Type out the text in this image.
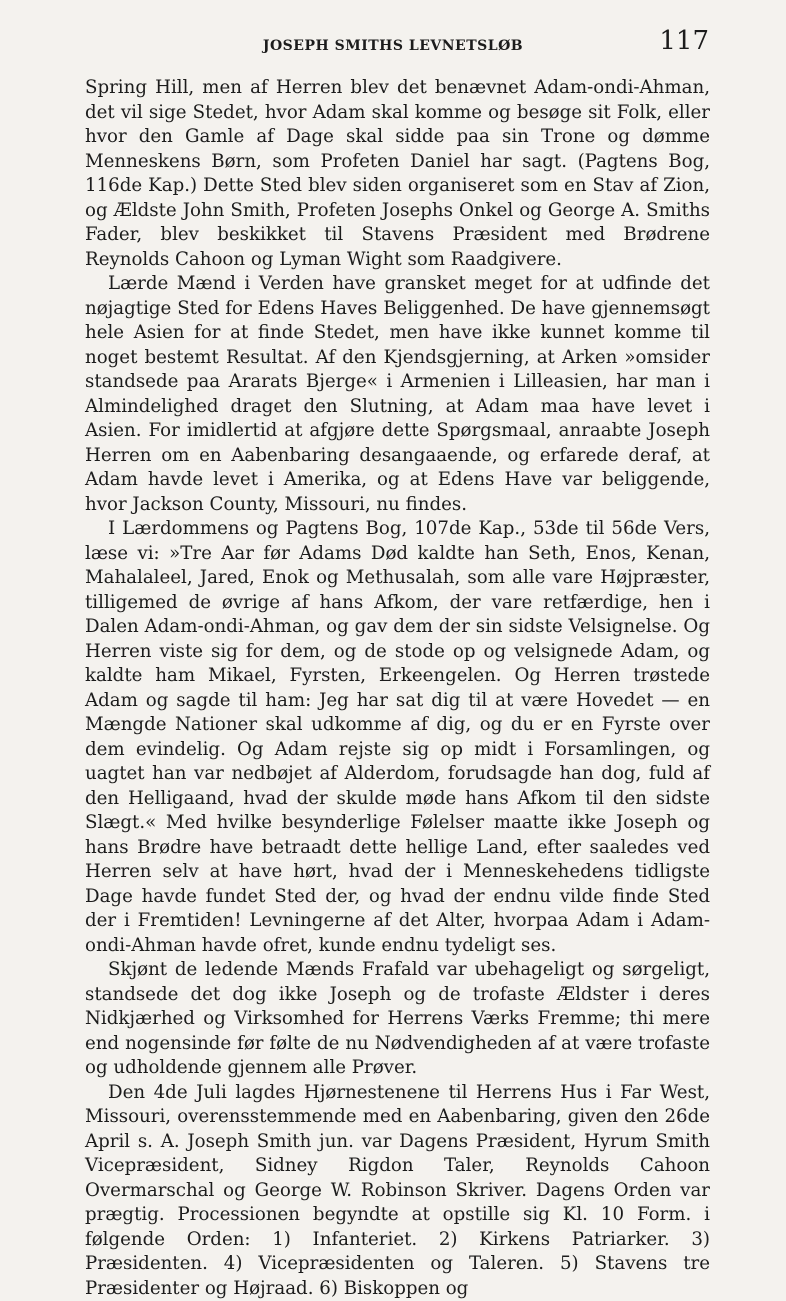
JOSEPH SMITHS LEVNETSLØB	117

Spring Hill, men af Herren blev det benævnet Adam-ondi-Ahman, det vil sige Stedet, hvor Adam skal komme og besøge sit Folk, eller hvor den Gamle af Dage skal sidde paa sin Trone og dømme Menneskens Børn, som Profeten Daniel har sagt. (Pagtens Bog, 116de Kap.) Dette Sted blev siden organiseret som en Stav af Zion, og Ældste John Smith, Profeten Josephs Onkel og George A. Smiths Fader, blev beskikket til Stavens Præsident med Brødrene Reynolds Cahoon og Lyman Wight som Raadgivere.

Lærde Mænd i Verden have gransket meget for at udfinde det nøjagtige Sted for Edens Haves Beliggenhed. De have gjennemsøgt hele Asien for at finde Stedet, men have ikke kunnet komme til noget bestemt Resultat. Af den Kjendsgjerning, at Arken »omsider standsede paa Ararats Bjerge« i Armenien i Lilleasien, har man i Almindelighed draget den Slutning, at Adam maa have levet i Asien. For imidlertid at afgjøre dette Spørgsmaal, anraabte Joseph Herren om en Aabenbaring desangaaende, og erfarede deraf, at Adam havde levet i Amerika, og at Edens Have var beliggende, hvor Jackson County, Missouri, nu findes.

I Lærdommens og Pagtens Bog, 107de Kap., 53de til 56de Vers, læse vi: »Tre Aar før Adams Død kaldte han Seth, Enos, Kenan, Mahalaleel, Jared, Enok og Methusalah, som alle vare Højpræster, tilligemed de øvrige af hans Afkom, der vare retfærdige, hen i Dalen Adam-ondi-Ahman, og gav dem der sin sidste Velsignelse. Og Herren viste sig for dem, og de stode op og velsignede Adam, og kaldte ham Mikael, Fyrsten, Erkeengelen. Og Herren trøstede Adam og sagde til ham: Jeg har sat dig til at være Hovedet — en Mængde Nationer skal udkomme af dig, og du er en Fyrste over dem evindelig. Og Adam rejste sig op midt i Forsamlingen, og uagtet han var nedbøjet af Alderdom, forudsagde han dog, fuld af den Helligaand, hvad der skulde møde hans Afkom til den sidste Slægt.« Med hvilke besynderlige Følelser maatte ikke Joseph og hans Brødre have betraadt dette hellige Land, efter saaledes ved Herren selv at have hørt, hvad der i Menneskehedens tidligste Dage havde fundet Sted der, og hvad der endnu vilde finde Sted der i Fremtiden! Levningerne af det Alter, hvorpaa Adam i Adam-ondi-Ahman havde ofret, kunde endnu tydeligt ses.

Skjønt de ledende Mænds Frafald var ubehageligt og sørgeligt, standsede det dog ikke Joseph og de trofaste Ældster i deres Nidkjærhed og Virksomhed for Herrens Værks Fremme; thi mere end nogensinde før følte de nu Nødvendigheden af at være trofaste og udholdende gjennem alle Prøver.

Den 4de Juli lagdes Hjørnestenene til Herrens Hus i Far West, Missouri, overensstemmende med en Aabenbaring, given den 26de April s. A. Joseph Smith jun. var Dagens Præsident, Hyrum Smith Vicepræsident, Sidney Rigdon Taler, Reynolds Cahoon Overmarschal og George W. Robinson Skriver. Dagens Orden var prægtig. Processionen begyndte at opstille sig Kl. 10 Form. i følgende Orden: 1) Infanteriet. 2) Kirkens Patriarker. 3) Præsidenten. 4) Vicepræsidenten og Taleren. 5) Stavens tre Præsidenter og Højraad. 6) Biskoppen og
